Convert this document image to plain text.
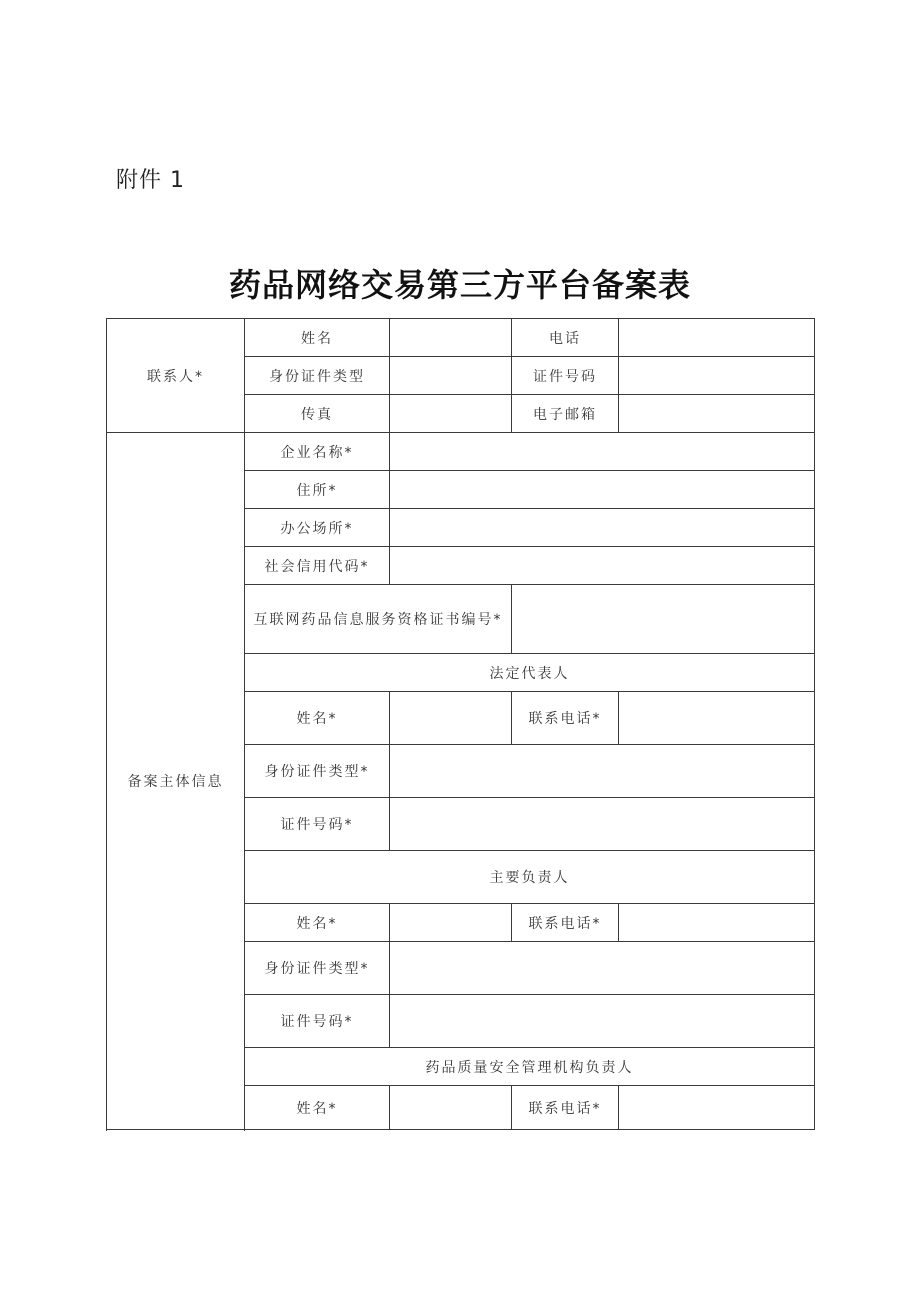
附件 1
药品网络交易第三方平台备案表
联系人*	姓名		电话	
	身份证件类型		证件号码	
	传真		电子邮箱	
备案主体信息	企业名称*			
	住所*			
	办公场所*			
	社会信用代码*			
	互联网药品信息服务资格证书编号*			
	法定代表人			
	姓名*		联系电话*	
	身份证件类型*			
	证件号码*			
	主要负责人			
	姓名*		联系电话*	
	身份证件类型*			
	证件号码*			
	药品质量安全管理机构负责人			
	姓名*		联系电话*	
